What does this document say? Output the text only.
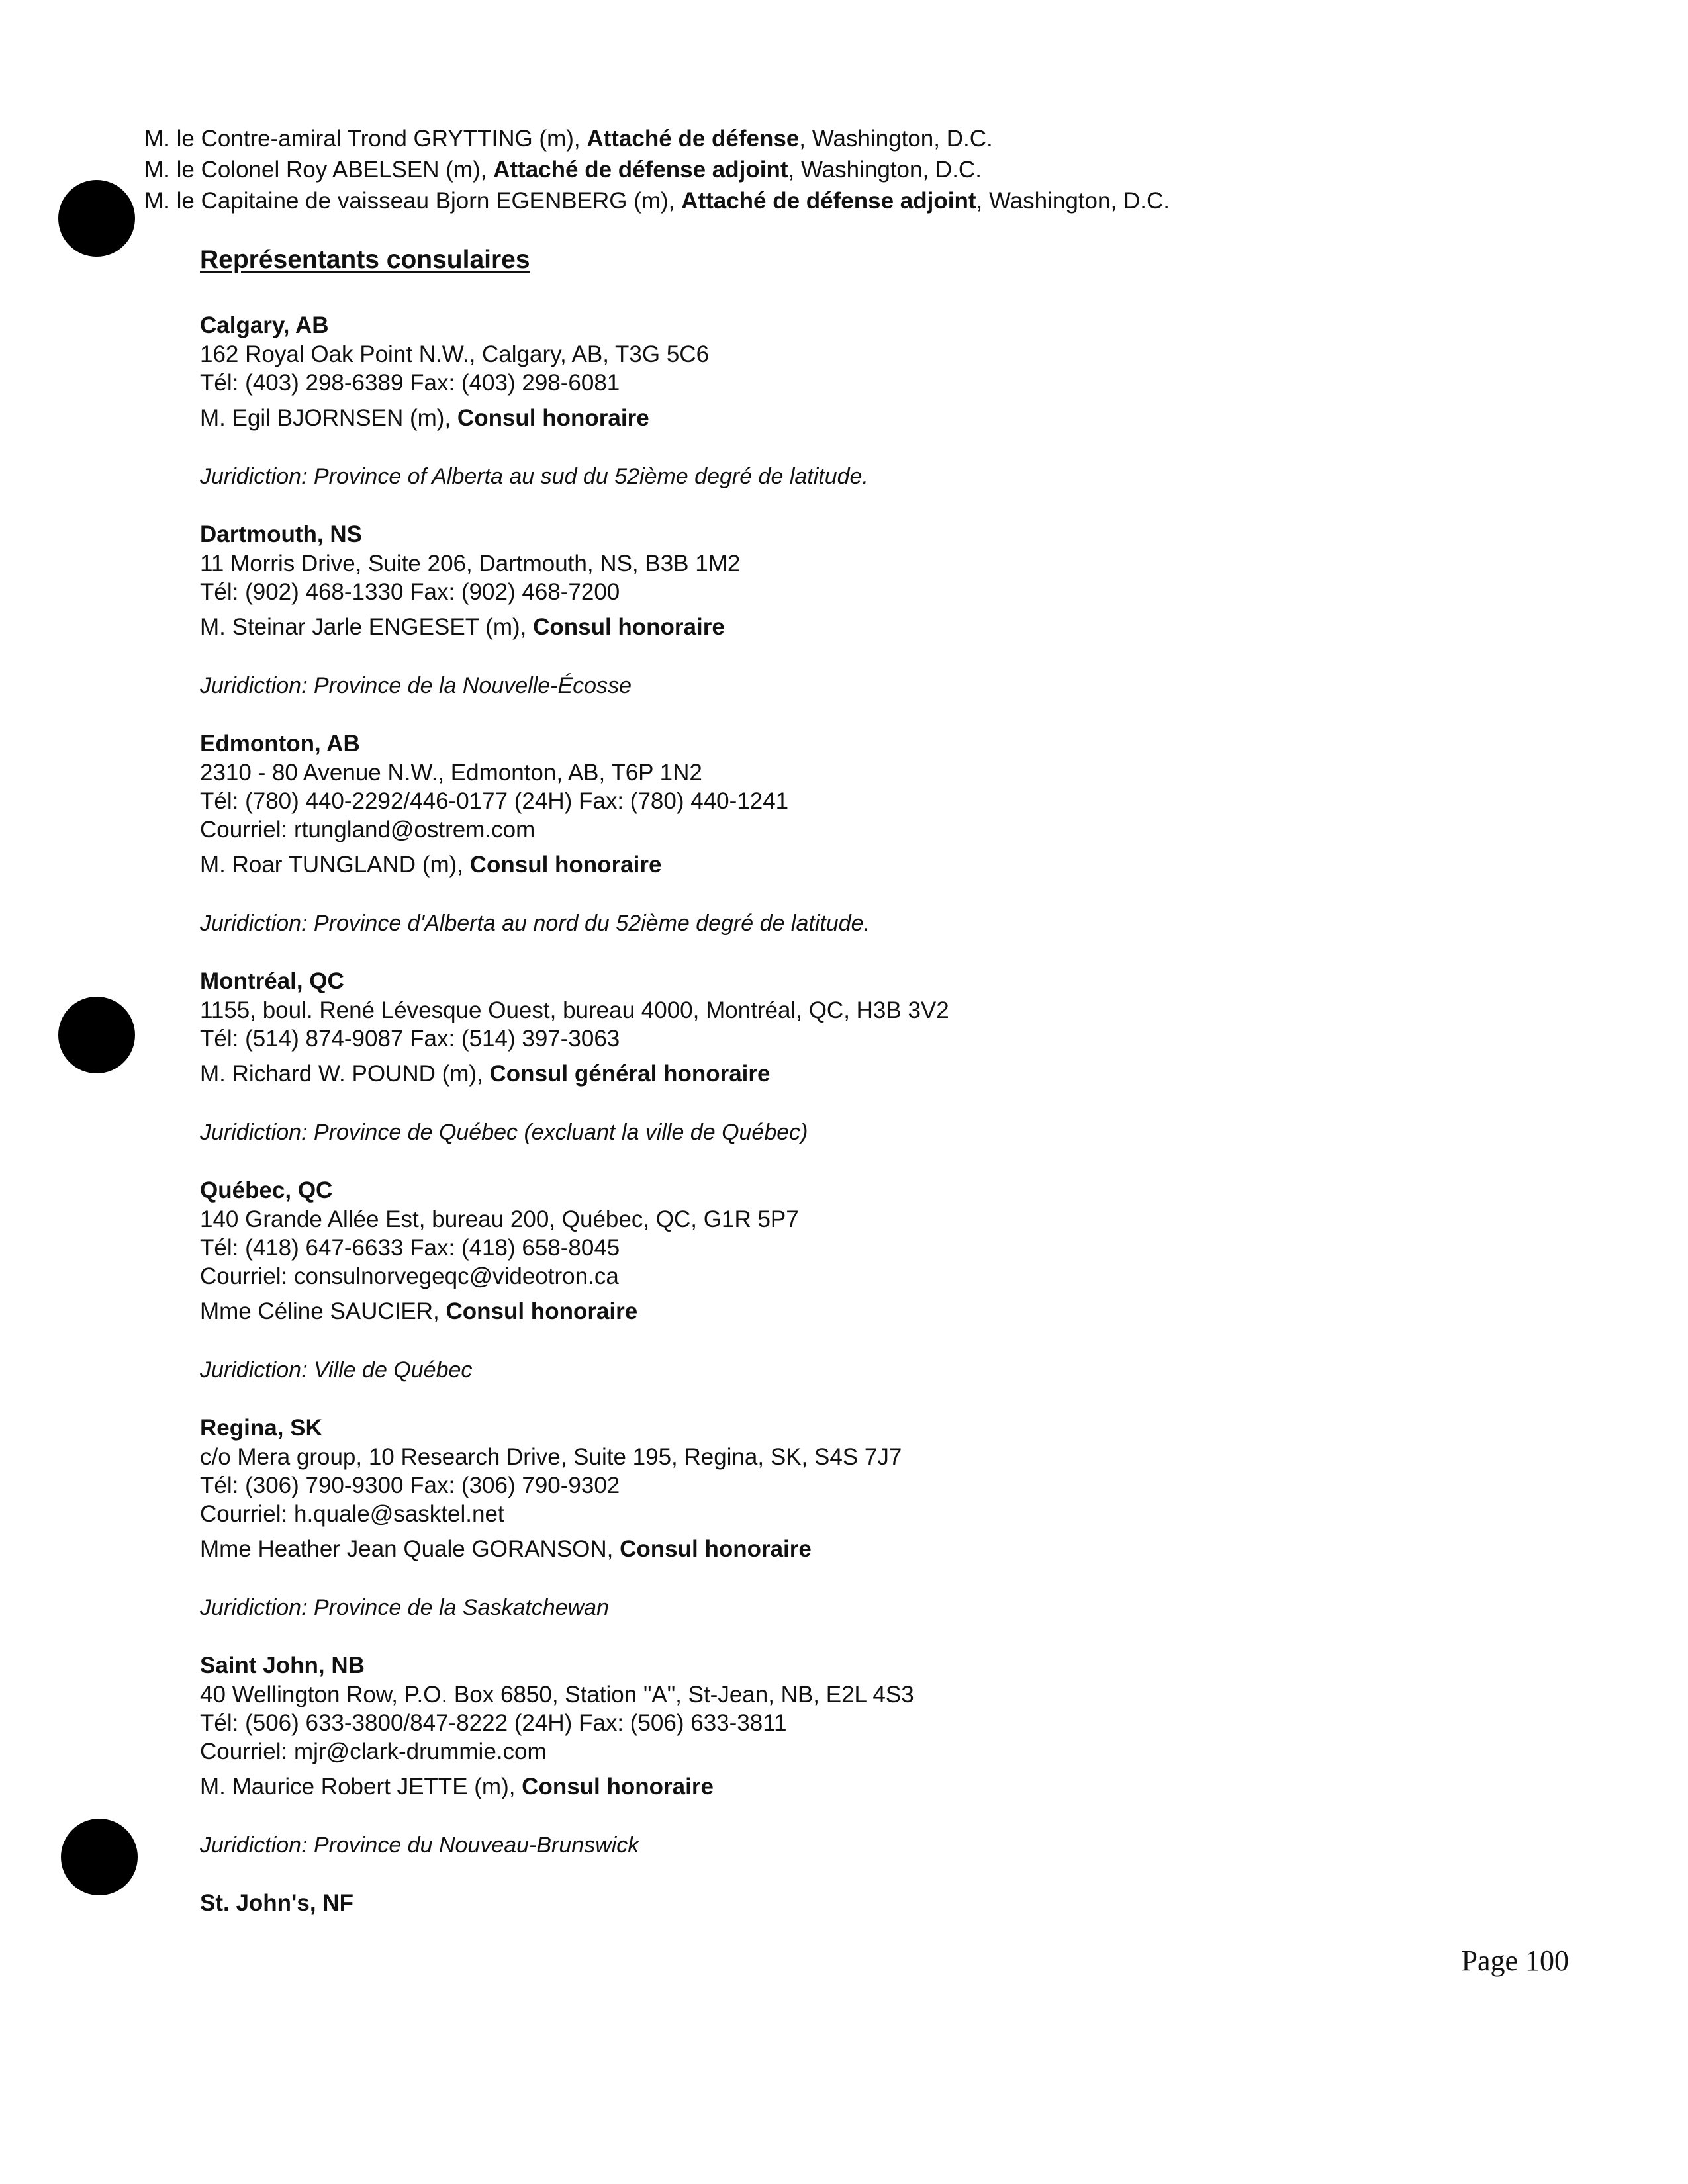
M. le Contre-amiral Trond GRYTTING (m), Attaché de défense, Washington, D.C.
M. le Colonel Roy ABELSEN (m), Attaché de défense adjoint, Washington, D.C.
M. le Capitaine de vaisseau Bjorn EGENBERG (m), Attaché de défense adjoint, Washington, D.C.
Représentants consulaires
Calgary, AB
162 Royal Oak Point N.W., Calgary, AB, T3G 5C6
Tél: (403) 298-6389 Fax: (403) 298-6081
M. Egil BJORNSEN (m), Consul honoraire
Juridiction: Province of Alberta au sud du 52ième degré de latitude.
Dartmouth, NS
11 Morris Drive, Suite 206, Dartmouth, NS, B3B 1M2
Tél: (902) 468-1330 Fax: (902) 468-7200
M. Steinar Jarle ENGESET (m), Consul honoraire
Juridiction: Province de la Nouvelle-Écosse
Edmonton, AB
2310 - 80 Avenue N.W., Edmonton, AB, T6P 1N2
Tél: (780) 440-2292/446-0177 (24H) Fax: (780) 440-1241
Courriel: rtungland@ostrem.com
M. Roar TUNGLAND (m), Consul honoraire
Juridiction: Province d'Alberta au nord du 52ième degré de latitude.
Montréal, QC
1155, boul. René Lévesque Ouest, bureau 4000, Montréal, QC, H3B 3V2
Tél: (514) 874-9087 Fax: (514) 397-3063
M. Richard W. POUND (m), Consul général honoraire
Juridiction: Province de Québec (excluant la ville de Québec)
Québec, QC
140 Grande Allée Est, bureau 200, Québec, QC, G1R 5P7
Tél: (418) 647-6633 Fax: (418) 658-8045
Courriel: consulnorvegeqc@videotron.ca
Mme Céline SAUCIER, Consul honoraire
Juridiction: Ville de Québec
Regina, SK
c/o Mera group, 10 Research Drive, Suite 195, Regina, SK, S4S 7J7
Tél: (306) 790-9300 Fax: (306) 790-9302
Courriel: h.quale@sasktel.net
Mme Heather Jean Quale GORANSON, Consul honoraire
Juridiction: Province de la Saskatchewan
Saint John, NB
40 Wellington Row, P.O. Box 6850, Station "A", St-Jean, NB, E2L 4S3
Tél: (506) 633-3800/847-8222 (24H) Fax: (506) 633-3811
Courriel: mjr@clark-drummie.com
M. Maurice Robert JETTE (m), Consul honoraire
Juridiction: Province du Nouveau-Brunswick
St. John's, NF
Page 100
